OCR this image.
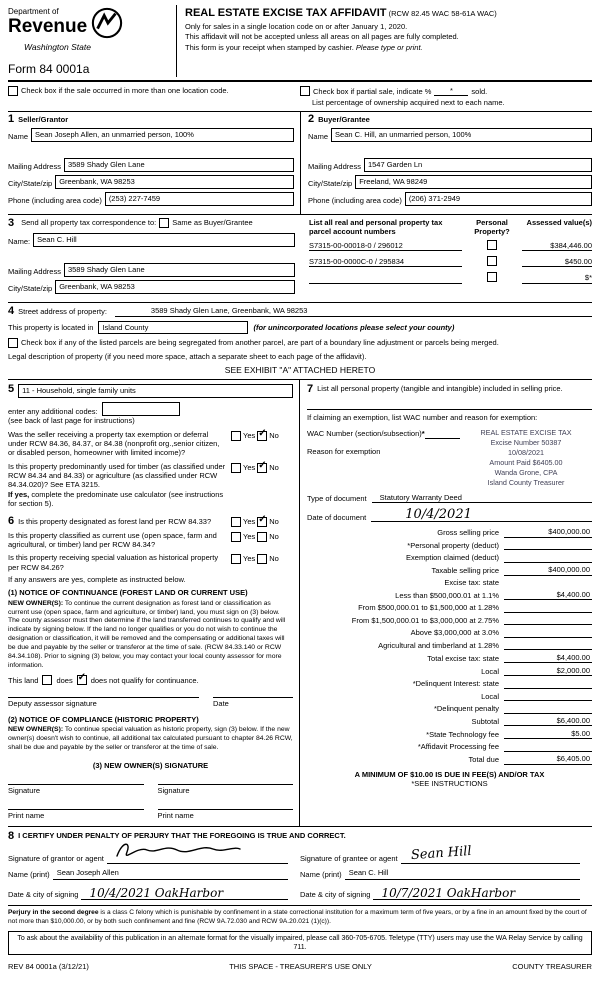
Department of
Revenue
Washington State
Form 84 0001a
REAL ESTATE EXCISE TAX AFFIDAVIT (RCW 82.45 WAC 58-61A WAC)
Only for sales in a single location code on or after January 1, 2020.
This affidavit will not be accepted unless all areas on all pages are fully completed.
This form is your receipt when stamped by cashier. Please type or print.
Check box if the sale occurred in more than one location code.	Check box if partial sale, indicate %	*	sold.
List percentage of ownership acquired next to each name.
1 Seller/Grantor
Name Sean Joseph Allen, an unmarried person, 100%
Mailing Address 3589 Shady Glen Lane
City/State/zip Greenbank, WA 98253
Phone (including area code) (253) 227-7459
2 Buyer/Grantee
Name Sean C. Hill, an unmarried person, 100%
Mailing Address 1547 Garden Ln
City/State/zip Freeland, WA 98249
Phone (including area code) (206) 371-2949
3 Send all property tax correspondence to: Same as Buyer/Grantee
Name: Sean C. Hill
Mailing Address 3589 Shady Glen Lane
City/State/zip Greenbank, WA 98253
List all real and personal property tax parcel account numbers
Personal Property?
Assessed value(s)
S7315-00-00018-0 / 296012	$384,446.00
S7315-00-0000C-0 / 295834	$450.00
$*
4 Street address of property:	3589 Shady Glen Lane, Greenbank, WA 98253
This property is located in	Island County	(for unincorporated locations please select your county)
Check box if any of the listed parcels are being segregated from another parcel, are part of a boundary line adjustment or parcels being merged.
Legal description of property (if you need more space, attach a separate sheet to each page of the affidavit).
SEE EXHIBIT "A" ATTACHED HERETO
5	11 - Household, single family units
enter any additional codes:
(see back of last page for instructions)
Was the seller receiving a property tax exemption or deferral under RCW 84.36, 84.37, or 84.38 (nonprofit org.,senior citizen, or disabled person, homeowner with limited income)?
Yes ✓ No
Is this property predominantly used for timber (as classified under RCW 84.34 and 84.33) or agriculture (as classified under RCW 84.34.020)? See ETA 3215.
If yes, complete the predominate use calculator (see instructions for section 5).
Yes ✓ No
6 Is this property designated as forest land per RCW 84.33?	Yes ✓ No
Is this property classified as current use (open space, farm and agricultural, or timber) land per RCW 84.34?
Yes No
Is this property receiving special valuation as historical property per RCW 84.26?
Yes No
If any answers are yes, complete as instructed below.
(1) NOTICE OF CONTINUANCE (FOREST LAND OR CURRENT USE)
NEW OWNER(S): To continue the current designation as forest land or classification as current use (open space, farm and agriculture, or timber) land, you must sign on (3) below. The county assessor must then determine if the land transferred continues to qualify and will indicate by signing below. If the land no longer qualifies or you do not wish to continue the designation or classification, it will be removed and the compensating or additional taxes will be due and payable by the seller or transferor at the time of sale. (RCW 84.33.140 or RCW 84.34.108). Prior to signing (3) below, you may contact your local county assessor for more information.
This land does ✓ does not qualify for continuance.
Deputy assessor signature	Date
(2) NOTICE OF COMPLIANCE (HISTORIC PROPERTY)
NEW OWNER(S): To continue special valuation as historic property, sign (3) below. If the new owner(s) doesn't wish to continue, all additional tax calculated pursuant to chapter 84.26 RCW, shall be due and payable by the seller or transferor at the time of sale.
(3) NEW OWNER(S) SIGNATURE
Signature	Signature
Print name	Print name
7 List all personal property (tangible and intangible) included in selling price.
If claiming an exemption, list WAC number and reason for exemption:
WAC Number (section/subsection) *
Reason for exemption
REAL ESTATE EXCISE TAX
Excise Number 50387
10/08/2021
Amount Paid $6405.00
Wanda Grone, CPA
Island County Treasurer
Type of document	Statutory Warranty Deed
Date of document	10/4/2021
Gross selling price	$400,000.00
*Personal property (deduct)
Exemption claimed (deduct)
Taxable selling price	$400,000.00
Excise tax: state
Less than $500,000.01 at 1.1%	$4,400.00
From $500,000.01 to $1,500,000 at 1.28%
From $1,500,000.01 to $3,000,000 at 2.75%
Above $3,000,000 at 3.0%
Agricultural and timberland at 1.28%
Total excise tax: state	$4,400.00
Local	$2,000.00
*Delinquent Interest: state
Local
*Delinquent penalty
Subtotal	$6,400.00
*State Technology fee	$5.00
*Affidavit Processing fee
Total due	$6,405.00
A MINIMUM OF $10.00 IS DUE IN FEE(S) AND/OR TAX
*SEE INSTRUCTIONS
8 I CERTIFY UNDER PENALTY OF PERJURY THAT THE FOREGOING IS TRUE AND CORRECT.
Signature of grantor or agent
Name (print) Sean Joseph Allen
Date & city of signing 10/4/2021 OakHarbor
Signature of grantee or agent Sean Hill
Name (print) Sean C. Hill
Date & city of signing 10/7/2021 OakHarbor
Perjury in the second degree is a class C felony which is punishable by confinement in a state correctional institution for a maximum term of five years, or by a fine in an amount fixed by the court of not more than $10,000.00, or by both such confinement and fine (RCW 9A.72.030 and RCW 9A.20.021 (1)(c)).
To ask about the availability of this publication in an alternate format for the visually impaired, please call 360-705-6705. Teletype (TTY) users may use the WA Relay Service by calling 711.
REV 84 0001a (3/12/21)	THIS SPACE - TREASURER'S USE ONLY	COUNTY TREASURER
